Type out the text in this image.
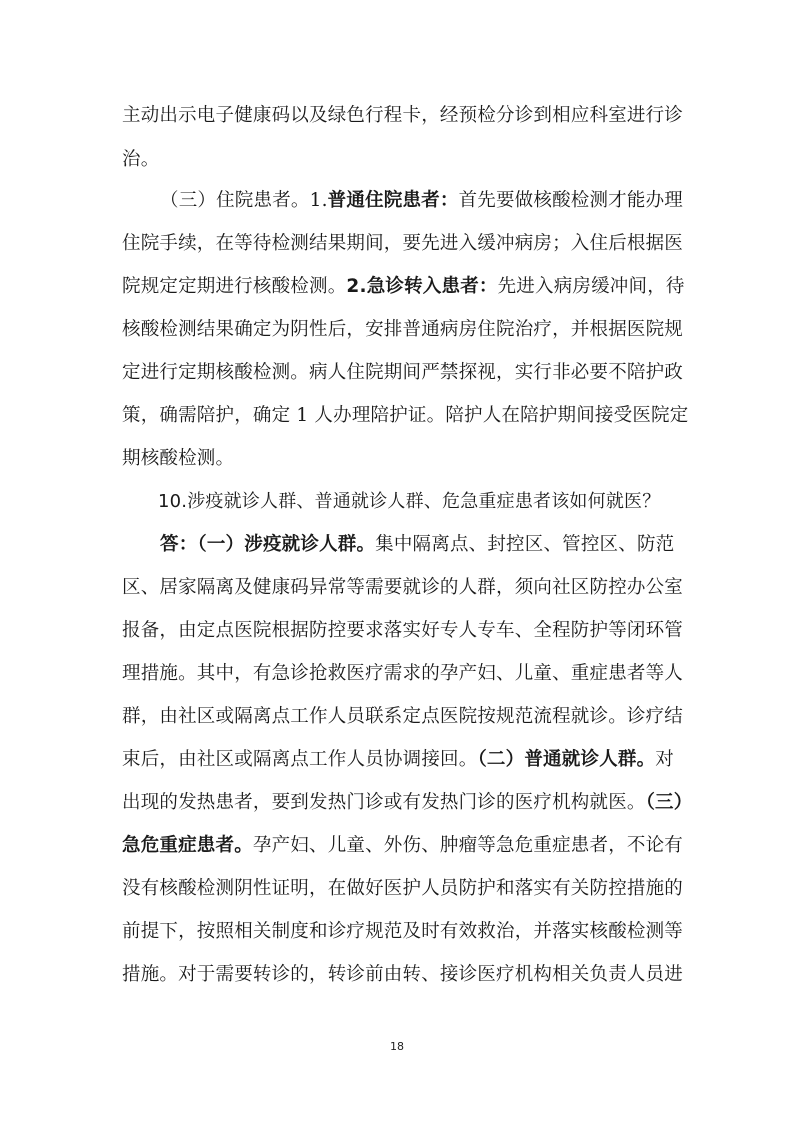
主动出示电子健康码以及绿色行程卡，经预检分诊到相应科室进行诊
治。
（三）住院患者。1.普通住院患者：首先要做核酸检测才能办理
住院手续，在等待检测结果期间，要先进入缓冲病房；入住后根据医
院规定定期进行核酸检测。2.急诊转入患者：先进入病房缓冲间，待
核酸检测结果确定为阴性后，安排普通病房住院治疗，并根据医院规
定进行定期核酸检测。病人住院期间严禁探视，实行非必要不陪护政
策，确需陪护，确定 1 人办理陪护证。陪护人在陪护期间接受医院定
期核酸检测。
10.涉疫就诊人群、普通就诊人群、危急重症患者该如何就医？
答：（一）涉疫就诊人群。集中隔离点、封控区、管控区、防范
区、居家隔离及健康码异常等需要就诊的人群，须向社区防控办公室
报备，由定点医院根据防控要求落实好专人专车、全程防护等闭环管
理措施。其中，有急诊抢救医疗需求的孕产妇、儿童、重症患者等人
群，由社区或隔离点工作人员联系定点医院按规范流程就诊。诊疗结
束后，由社区或隔离点工作人员协调接回。（二）普通就诊人群。对
出现的发热患者，要到发热门诊或有发热门诊的医疗机构就医。（三）
急危重症患者。孕产妇、儿童、外伤、肿瘤等急危重症患者，不论有
没有核酸检测阴性证明，在做好医护人员防护和落实有关防控措施的
前提下，按照相关制度和诊疗规范及时有效救治，并落实核酸检测等
措施。对于需要转诊的，转诊前由转、接诊医疗机构相关负责人员进
18
